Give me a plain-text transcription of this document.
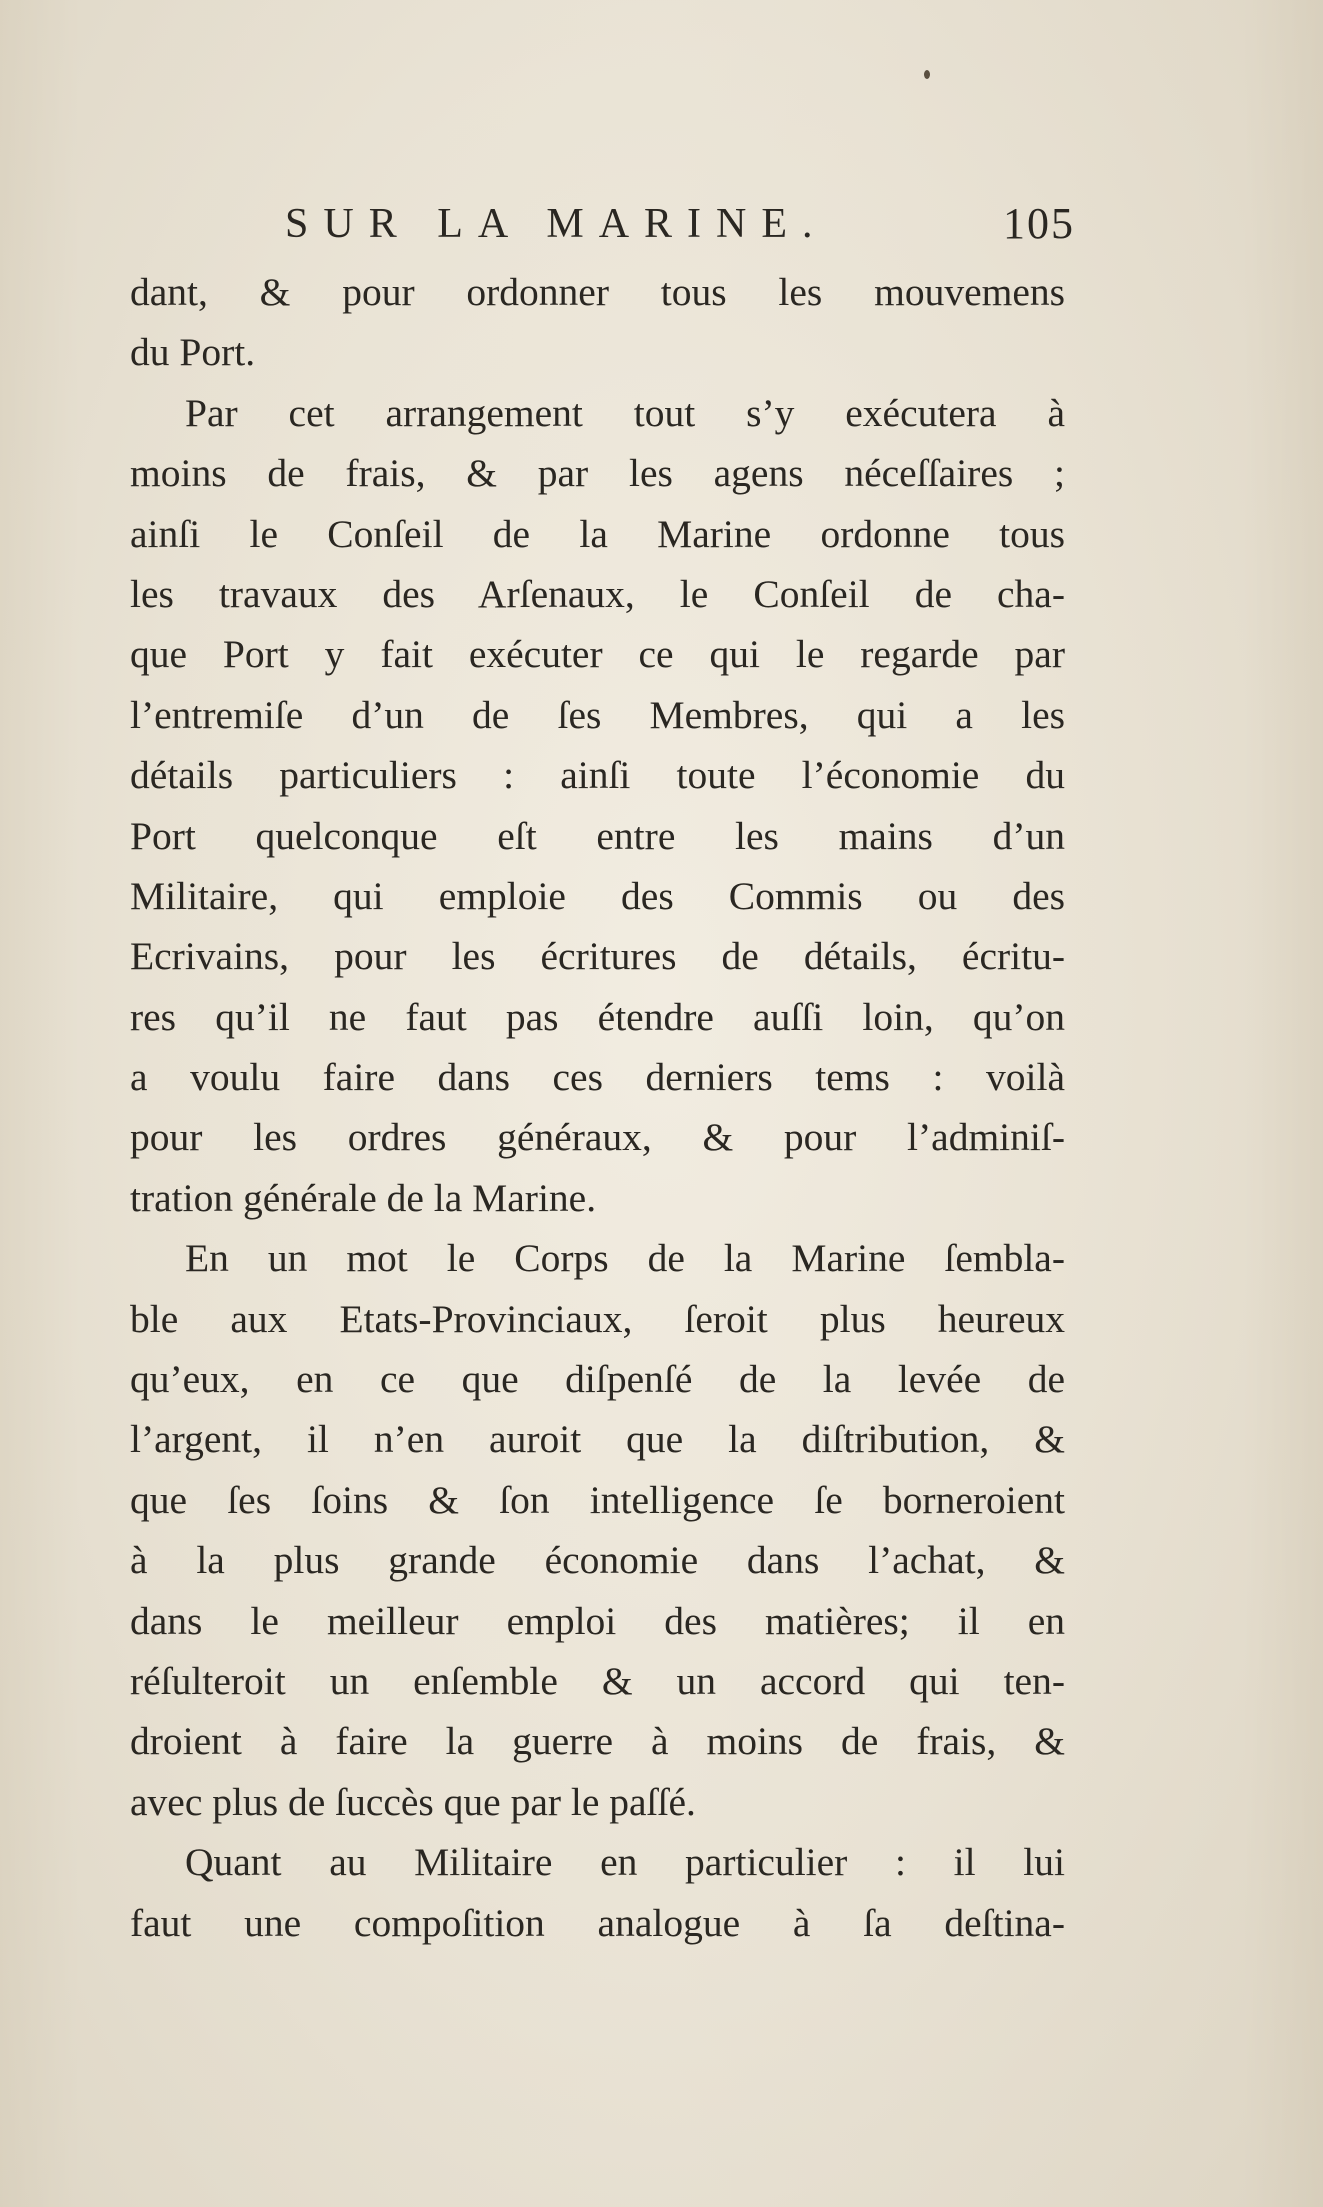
SUR LA MARINE.	105
dant, & pour ordonner tous les mouvemens
du Port.
Par cet arrangement tout s’y exécutera à
moins de frais, & par les agens néceſſaires ;
ainſi le Conſeil de la Marine ordonne tous
les travaux des Arſenaux, le Conſeil de cha-
que Port y fait exécuter ce qui le regarde par
l’entremiſe d’un de ſes Membres, qui a les
détails particuliers : ainſi toute l’économie du
Port quelconque eſt entre les mains d’un
Militaire, qui emploie des Commis ou des
Ecrivains, pour les écritures de détails, écritu-
res qu’il ne faut pas étendre auſſi loin, qu’on
a voulu faire dans ces derniers tems : voilà
pour les ordres généraux, & pour l’adminiſ-
tration générale de la Marine.
En un mot le Corps de la Marine ſembla-
ble aux Etats-Provinciaux, ſeroit plus heureux
qu’eux, en ce que diſpenſé de la levée de
l’argent, il n’en auroit que la diſtribution, &
que ſes ſoins & ſon intelligence ſe borneroient
à la plus grande économie dans l’achat, &
dans le meilleur emploi des matières; il en
réſulteroit un enſemble & un accord qui ten-
droient à faire la guerre à moins de frais, &
avec plus de ſuccès que par le paſſé.
Quant au Militaire en particulier : il lui
faut une compoſition analogue à ſa deſtina-
